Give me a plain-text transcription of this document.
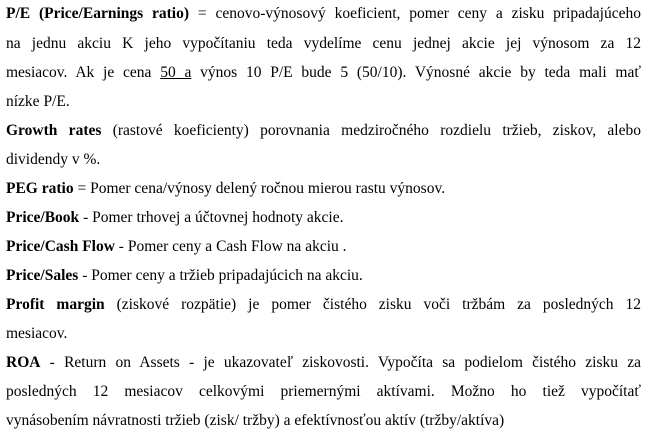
P/E (Price/Earnings ratio) = cenovo-výnosový koeficient, pomer ceny a zisku pripadajúceho
na jednu akciu K jeho vypočítaniu teda vydelíme cenu jednej akcie jej výnosom za 12
mesiacov. Ak je cena 50 a výnos 10 P/E bude 5 (50/10). Výnosné akcie by teda mali mať
nízke P/E.
Growth rates (rastové koeficienty) porovnania medziročného rozdielu tržieb, ziskov, alebo
dividendy v %.
PEG ratio = Pomer cena/výnosy delený ročnou mierou rastu výnosov.
Price/Book - Pomer trhovej a účtovnej hodnoty akcie.
Price/Cash Flow - Pomer ceny a Cash Flow na akciu .
Price/Sales - Pomer ceny a tržieb pripadajúcich na akciu.
Profit margin (ziskové rozpätie) je pomer čistého zisku voči tržbám za posledných 12
mesiacov.
ROA - Return on Assets - je ukazovateľ ziskovosti. Vypočíta sa podielom čistého zisku za
posledných 12 mesiacov celkovými priemernými aktívami. Možno ho tiež vypočítať
vynásobením návratnosti tržieb (zisk/ tržby) a efektívnosťou aktív (tržby/aktíva)
